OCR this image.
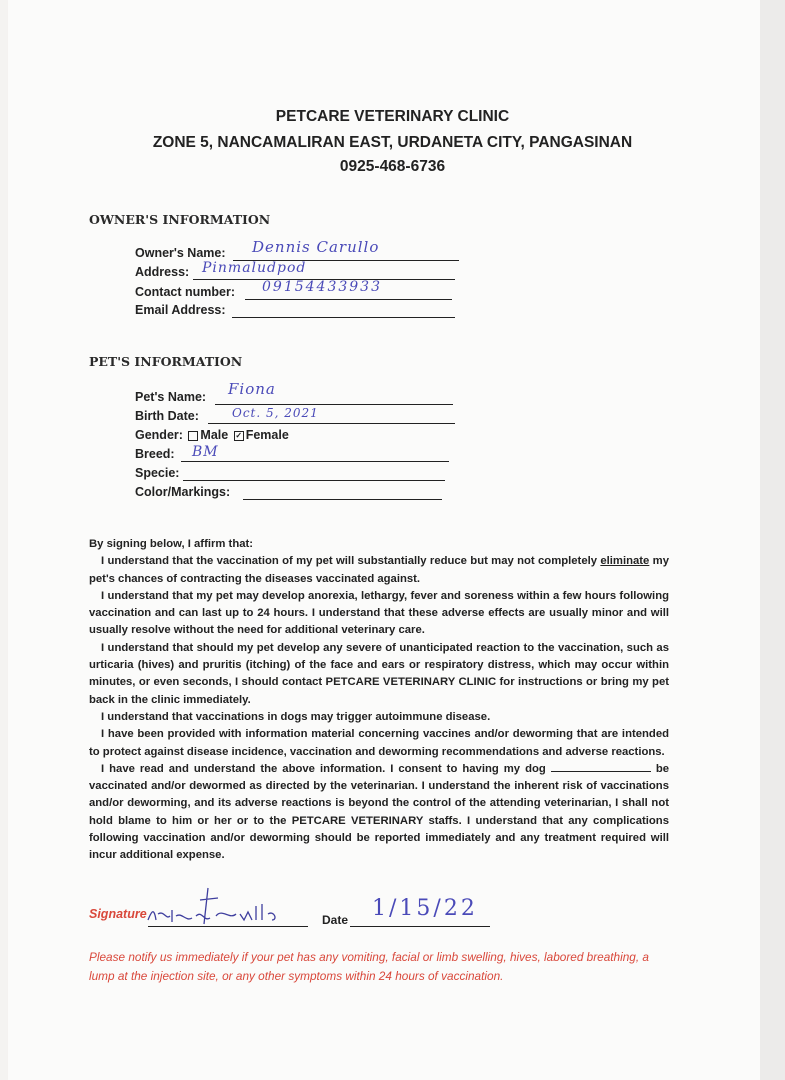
PETCARE VETERINARY CLINIC
ZONE 5, NANCAMALIRAN EAST, URDANETA CITY, PANGASINAN
0925-468-6736
OWNER'S INFORMATION
Owner's Name: Dennis Carullo
Address: Pinmaludpod
Contact number: 09154433933
Email Address:
PET'S INFORMATION
Pet's Name: Fiona
Birth Date:	Oct. 5, 2021
Gender: Male ✓ Female
Breed: BM
Specie:
Color/Markings:

By signing below, I affirm that:

I understand that the vaccination of my pet will substantially reduce but may not completely eliminate my pet's chances of contracting the diseases vaccinated against.

I understand that my pet may develop anorexia, lethargy, fever and soreness within a few hours following vaccination and can last up to 24 hours. I understand that these adverse effects are usually minor and will usually resolve without the need for additional veterinary care.

I understand that should my pet develop any severe of unanticipated reaction to the vaccination, such as urticaria (hives) and pruritis (itching) of the face and ears or respiratory distress, which may occur within minutes, or even seconds, I should contact PETCARE VETERINARY CLINIC for instructions or bring my pet back in the clinic immediately.

I understand that vaccinations in dogs may trigger autoimmune disease.

I have been provided with information material concerning vaccines and/or deworming that are intended to protect against disease incidence, vaccination and deworming recommendations and adverse reactions.

I have read and understand the above information. I consent to having my dog	be vaccinated and/or dewormed as directed by the veterinarian. I understand the inherent risk of vaccinations and/or deworming, and its adverse reactions is beyond the control of the attending veterinarian, I shall not hold blame to him or her or to the PETCARE VETERINARY staffs. I understand that any complications following vaccination and/or deworming should be reported immediately and any treatment required will incur additional expense.

Signature	Date 1/15/22
Please notify us immediately if your pet has any vomiting, facial or limb swelling, hives, labored breathing, a lump at the injection site, or any other symptoms within 24 hours of vaccination.
